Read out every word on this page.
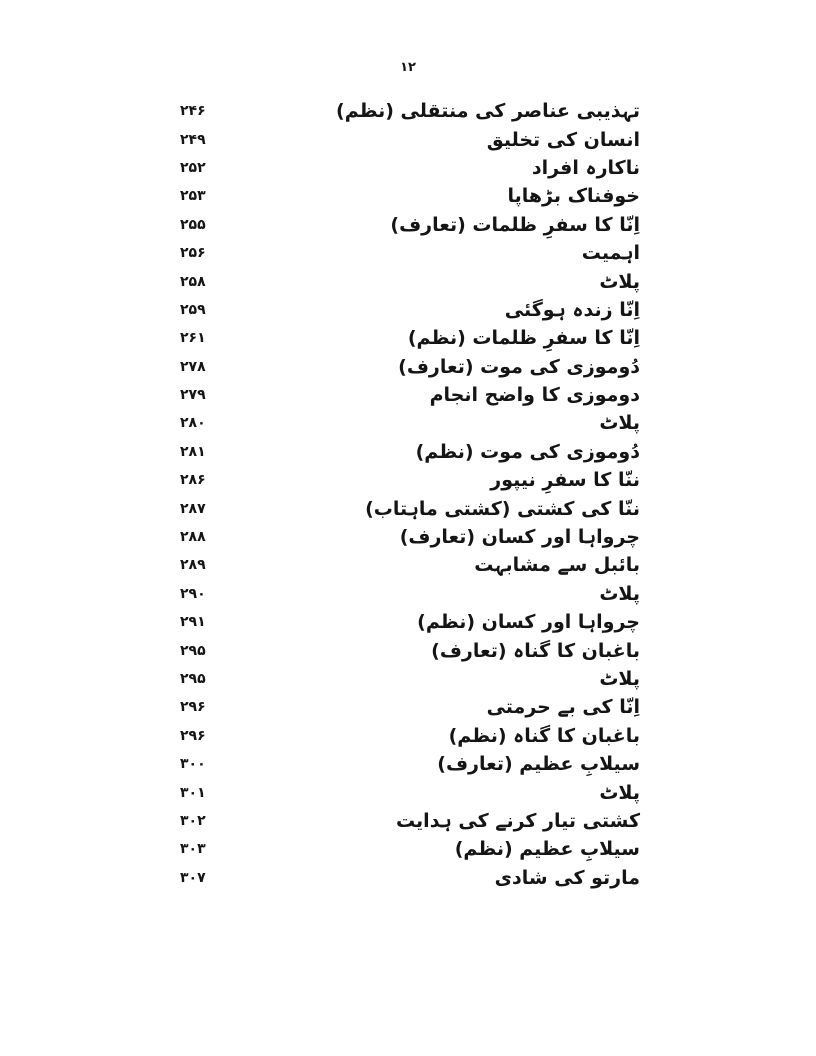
۱۲
۲۴۶	تہذیبی عناصر کی منتقلی (نظم)
۲۴۹	انسان کی تخلیق
۲۵۲	ناکارہ افراد
۲۵۳	خوفناک بڑھاپا
۲۵۵	اِنّا کا سفرِ ظلمات (تعارف)
۲۵۶	اہمیت
۲۵۸	پلاٹ
۲۵۹	اِنّا زندہ ہوگئی
۲۶۱	اِنّا کا سفرِ ظلمات (نظم)
۲۷۸	دُوموزی کی موت (تعارف)
۲۷۹	دوموزی کا واضح انجام
۲۸۰	پلاٹ
۲۸۱	دُوموزی کی موت (نظم)
۲۸۶	ننّا کا سفرِ نیپور
۲۸۷	ننّا کی کشتی (کشتی ماہتاب)
۲۸۸	چرواہا اور کسان (تعارف)
۲۸۹	بائبل سے مشابہت
۲۹۰	پلاٹ
۲۹۱	چرواہا اور کسان (نظم)
۲۹۵	باغبان کا گناہ (تعارف)
۲۹۵	پلاٹ
۲۹۶	اِنّا کی بے حرمتی
۲۹۶	باغبان کا گناہ (نظم)
۳۰۰	سیلابِ عظیم (تعارف)
۳۰۱	پلاٹ
۳۰۲	کشتی تیار کرنے کی ہدایت
۳۰۳	سیلابِ عظیم (نظم)
۳۰۷	مارتو کی شادی
